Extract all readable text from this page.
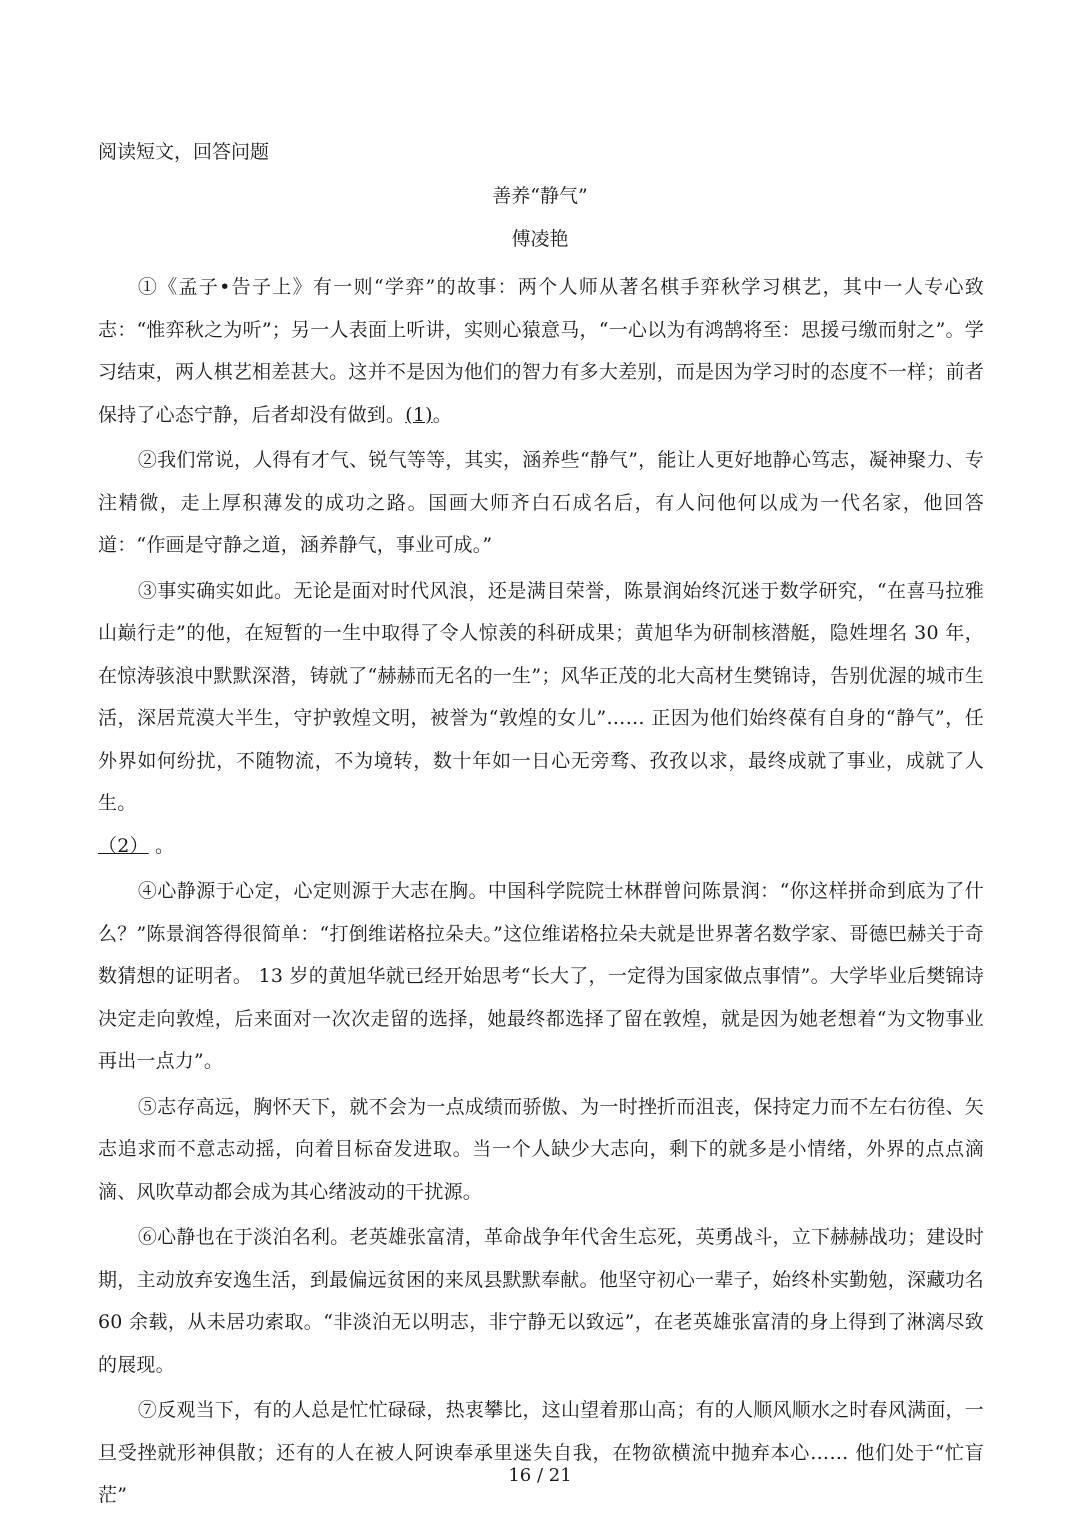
阅读短文，回答问题
善养“静气”
傅凌艳

①《孟子•告子上》有一则“学弈”的故事：两个人师从著名棋手弈秋学习棋艺，其中一人专心致志：“惟弈秋之为听”；另一人表面上听讲，实则心猿意马，“一心以为有鸿鹄将至：思援弓缴而射之”。学习结束，两人棋艺相差甚大。这并不是因为他们的智力有多大差别，而是因为学习时的态度不一样；前者保持了心态宁静，后者却没有做到。(1)。

②我们常说，人得有才气、锐气等等，其实，涵养些“静气”，能让人更好地静心笃志，凝神聚力、专注精微，走上厚积薄发的成功之路。国画大师齐白石成名后，有人问他何以成为一代名家，他回答道：“作画是守静之道，涵养静气，事业可成。”

③事实确实如此。无论是面对时代风浪，还是满目荣誉，陈景润始终沉迷于数学研究，“在喜马拉雅山巅行走”的他，在短暂的一生中取得了令人惊羡的科研成果；黄旭华为研制核潜艇，隐姓埋名 30 年，在惊涛骇浪中默默深潜，铸就了“赫赫而无名的一生”；风华正茂的北大高材生樊锦诗，告别优渥的城市生活，深居荒漠大半生，守护敦煌文明，被誉为“敦煌的女儿”…… 正因为他们始终葆有自身的“静气”，任外界如何纷扰，不随物流，不为境转，数十年如一日心无旁骛、孜孜以求，最终成就了事业，成就了人生。
（2） 。

④心静源于心定，心定则源于大志在胸。中国科学院院士林群曾问陈景润：“你这样拼命到底为了什么？”陈景润答得很简单：“打倒维诺格拉朵夫。”这位维诺格拉朵夫就是世界著名数学家、哥德巴赫关于奇数猜想的证明者。 13 岁的黄旭华就已经开始思考“长大了，一定得为国家做点事情”。大学毕业后樊锦诗决定走向敦煌，后来面对一次次走留的选择，她最终都选择了留在敦煌，就是因为她老想着“为文物事业再出一点力”。

⑤志存高远，胸怀天下，就不会为一点成绩而骄傲、为一时挫折而沮丧，保持定力而不左右彷徨、矢志追求而不意志动摇，向着目标奋发进取。当一个人缺少大志向，剩下的就多是小情绪，外界的点点滴滴、风吹草动都会成为其心绪波动的干扰源。

⑥心静也在于淡泊名利。老英雄张富清，革命战争年代舍生忘死，英勇战斗，立下赫赫战功；建设时期，主动放弃安逸生活，到最偏远贫困的来凤县默默奉献。他坚守初心一辈子，始终朴实勤勉，深藏功名 60 余载，从未居功索取。“非淡泊无以明志，非宁静无以致远”，在老英雄张富清的身上得到了淋漓尽致的展现。

⑦反观当下，有的人总是忙忙碌碌，热衷攀比，这山望着那山高；有的人顺风顺水之时春风满面，一旦受挫就形神俱散；还有的人在被人阿谀奉承里迷失自我，在物欲横流中抛弃本心…… 他们处于“忙盲茫”

16 / 21
